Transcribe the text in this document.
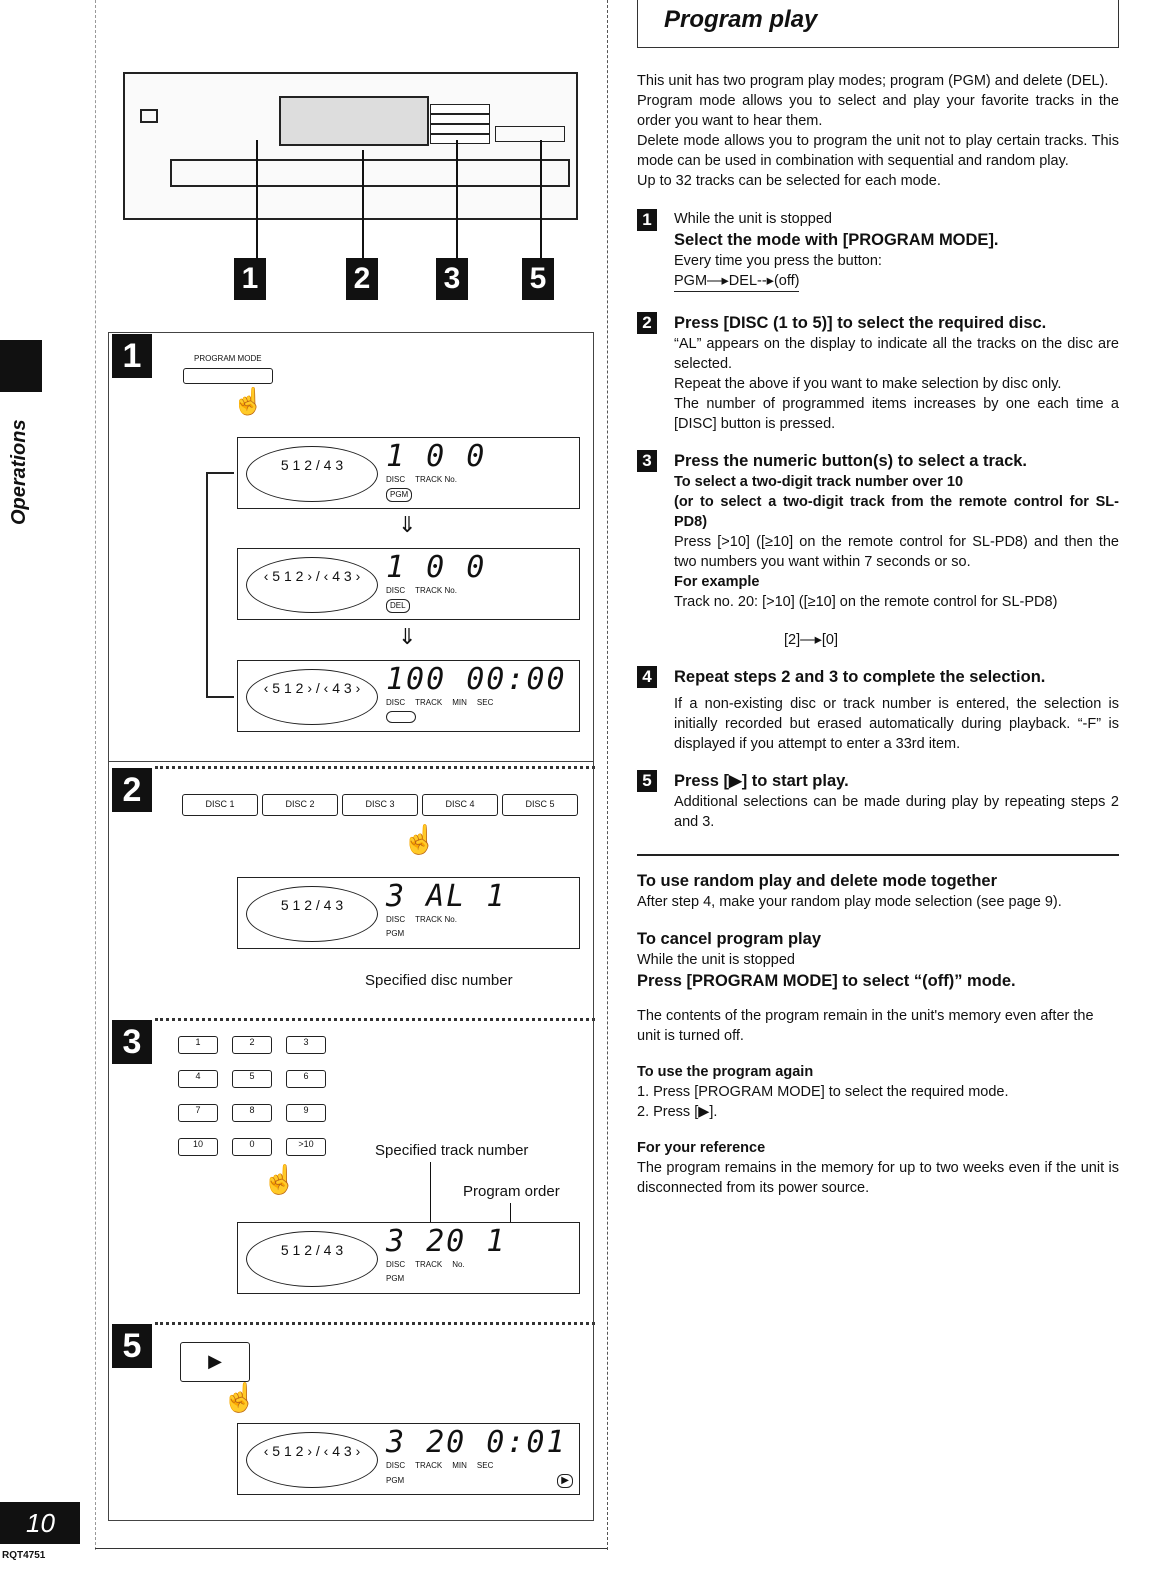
Operations
10
RQT4751
1	2 3 5
1	PROGRAM MODE
☝
5 1 2 / 4 3	1 0 0
DISC TRACK No.
PGM
⇓
‹ 5 1 2 › / ‹ 4 3 › 1 0 0
DISC TRACK No.
DEL
⇓
‹ 5 1 2 › / ‹ 4 3 › 100 00:00
DISC TRACK MIN SEC
2	DISC 1	DISC 2	DISC 3	DISC 4	DISC 5
☝
5 1 2 / 4 3	3 AL 1
DISC TRACK No.
PGM
Specified disc number
3	1	2	3
4	5	6
7	8	9
10	0	>10
☝
Specified track number
Program order
5 1 2 / 4 3	3 20 1
DISC TRACK No.
PGM
5	▶
☝
‹ 5 1 2 › / ‹ 4 3 › 3 20 0:01
DISC TRACK MIN SEC
PGM	▶
Program play

This unit has two program play modes; program (PGM) and delete (DEL).

Program mode allows you to select and play your favorite tracks in the order you want to hear them.

Delete mode allows you to program the unit not to play certain tracks. This mode can be used in combination with sequential and random play.

Up to 32 tracks can be selected for each mode.

1	While the unit is stopped

Select the mode with [PROGRAM MODE].

Every time you press the button:

PGM—▸DEL--▸(off)

2	Press [DISC (1 to 5)] to select the required disc.

“AL” appears on the display to indicate all the tracks on the disc are selected.

Repeat the above if you want to make selection by disc only.

The number of programmed items increases by one each time a [DISC] button is pressed.

3	Press the numeric button(s) to select a track.

To select a two-digit track number over 10

(or to select a two-digit track from the remote control for SL-PD8)

Press [>10] ([≥10] on the remote control for SL-PD8) and then the two numbers you want within 7 seconds or so.

For example

Track no. 20: [>10] ([≥10] on the remote control for SL-PD8)

[2]—▸[0]

4	Repeat steps 2 and 3 to complete the selection.

If a non-existing disc or track number is entered, the selection is initially recorded but erased automatically during playback. “-F” is displayed if you attempt to enter a 33rd item.

5	Press [▶] to start play.

Additional selections can be made during play by repeating steps 2 and 3.

To use random play and delete mode together

After step 4, make your random play mode selection (see page 9).

To cancel program play

While the unit is stopped

Press [PROGRAM MODE] to select “(off)” mode.

The contents of the program remain in the unit's memory even after the unit is turned off.

To use the program again

1. Press [PROGRAM MODE] to select the required mode.

2. Press [▶].

For your reference

The program remains in the memory for up to two weeks even if the unit is disconnected from its power source.
